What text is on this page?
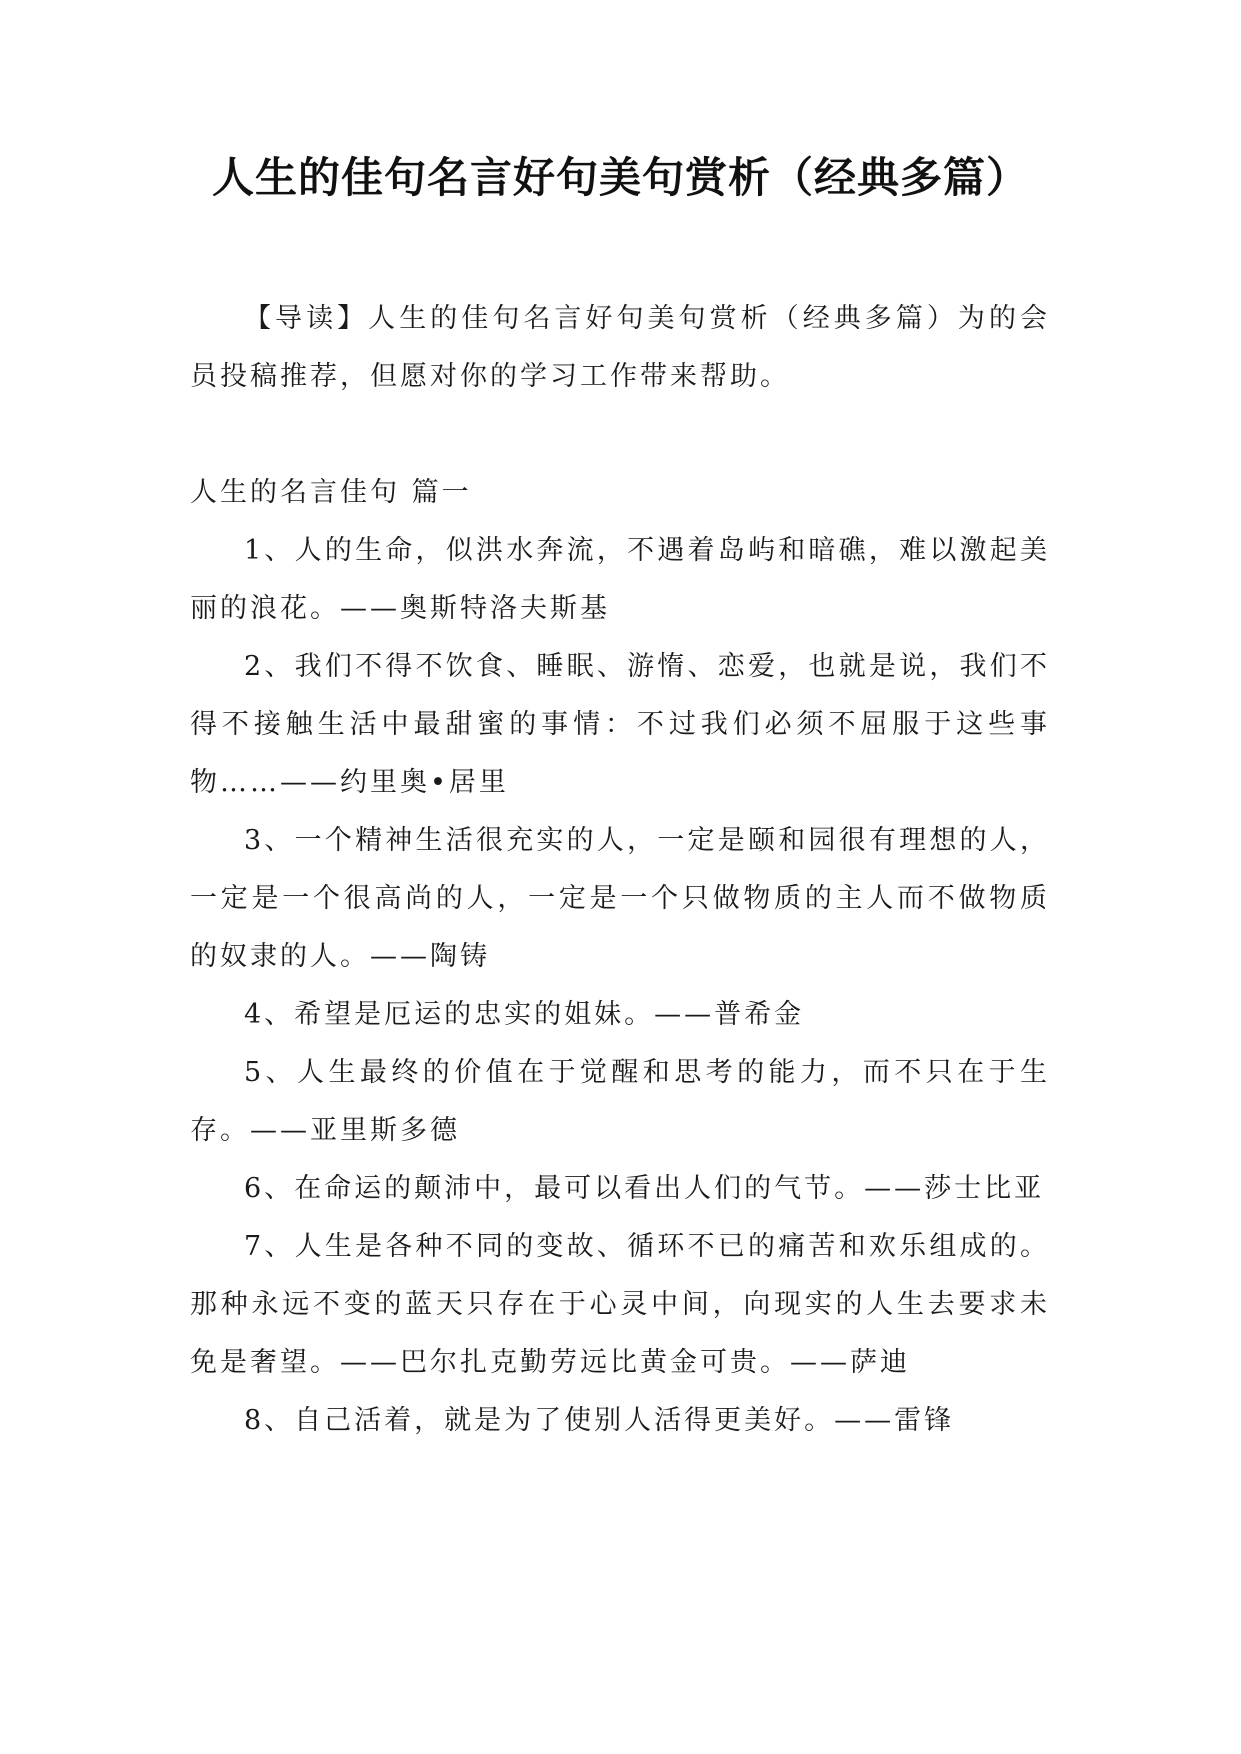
人生的佳句名言好句美句赏析（经典多篇）

【导读】人生的佳句名言好句美句赏析（经典多篇）为的会员投稿推荐，但愿对你的学习工作带来帮助。

人生的名言佳句 篇一

1、人的生命，似洪水奔流，不遇着岛屿和暗礁，难以激起美丽的浪花。——奥斯特洛夫斯基

2、我们不得不饮食、睡眠、游惰、恋爱，也就是说，我们不得不接触生活中最甜蜜的事情：不过我们必须不屈服于这些事物……——约里奥•居里

3、一个精神生活很充实的人，一定是颐和园很有理想的人，一定是一个很高尚的人，一定是一个只做物质的主人而不做物质的奴隶的人。——陶铸

4、希望是厄运的忠实的姐妹。——普希金

5、人生最终的价值在于觉醒和思考的能力，而不只在于生存。——亚里斯多德

6、在命运的颠沛中，最可以看出人们的气节。——莎士比亚

7、人生是各种不同的变故、循环不已的痛苦和欢乐组成的。那种永远不变的蓝天只存在于心灵中间，向现实的人生去要求未免是奢望。——巴尔扎克勤劳远比黄金可贵。——萨迪

8、自己活着，就是为了使别人活得更美好。——雷锋
